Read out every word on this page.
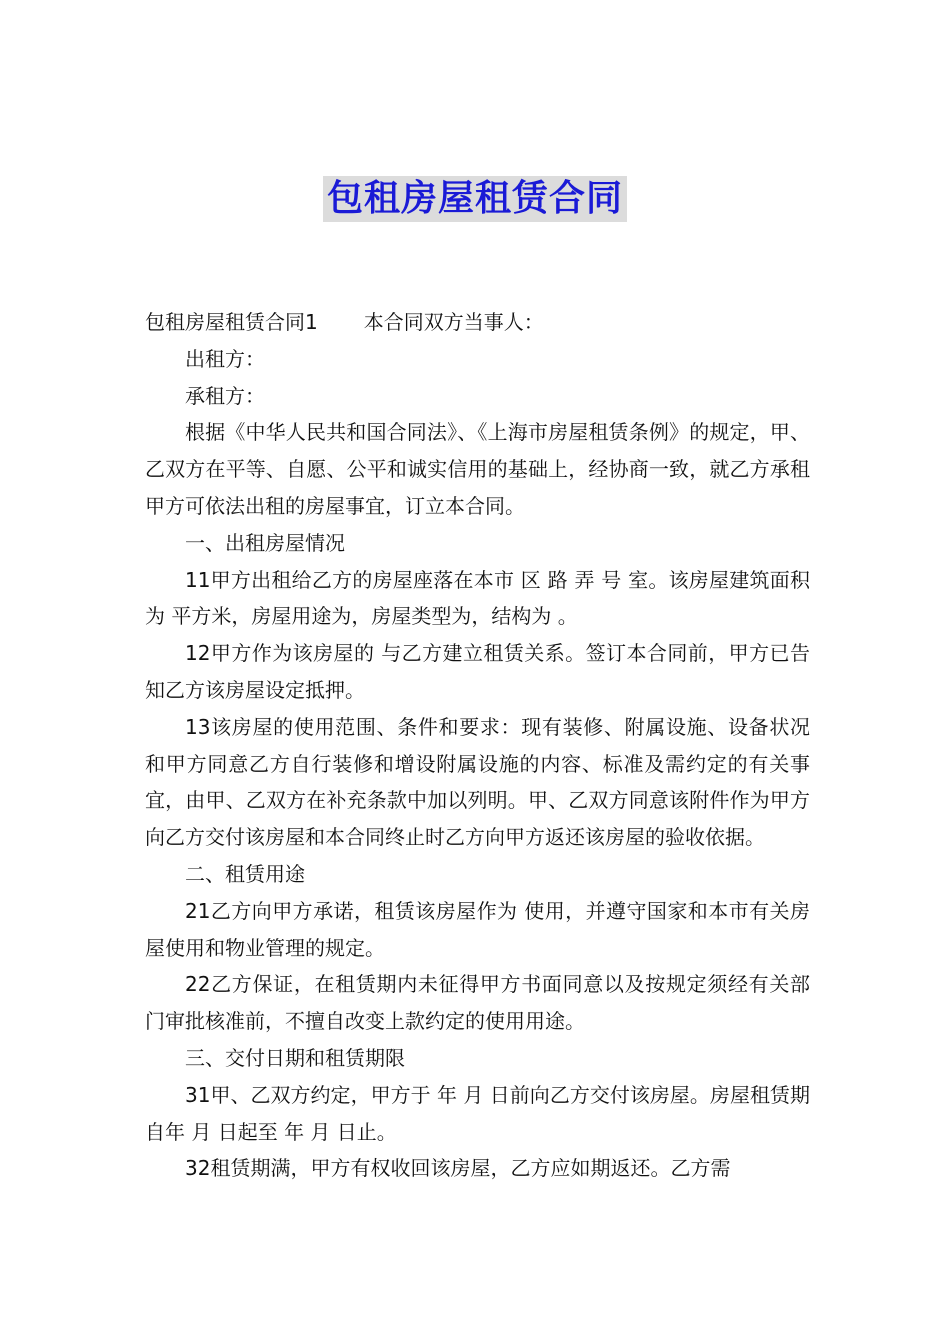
包租房屋租赁合同

包租房屋租赁合同1 本合同双方当事人：

出租方：

承租方：

根据《中华人民共和国合同法》、《上海市房屋租赁条例》的规定，甲、乙双方在平等、自愿、公平和诚实信用的基础上，经协商一致，就乙方承租甲方可依法出租的房屋事宜，订立本合同。

一、出租房屋情况

11甲方出租给乙方的房屋座落在本市 区 路 弄 号 室。该房屋建筑面积为 平方米，房屋用途为，房屋类型为，结构为 。

12甲方作为该房屋的 与乙方建立租赁关系。签订本合同前，甲方已告知乙方该房屋设定抵押。

13该房屋的使用范围、条件和要求：现有装修、附属设施、设备状况和甲方同意乙方自行装修和增设附属设施的内容、标准及需约定的有关事宜，由甲、乙双方在补充条款中加以列明。甲、乙双方同意该附件作为甲方向乙方交付该房屋和本合同终止时乙方向甲方返还该房屋的验收依据。

二、租赁用途

21乙方向甲方承诺，租赁该房屋作为 使用，并遵守国家和本市有关房屋使用和物业管理的规定。

22乙方保证，在租赁期内未征得甲方书面同意以及按规定须经有关部门审批核准前，不擅自改变上款约定的使用用途。

三、交付日期和租赁期限

31甲、乙双方约定，甲方于 年 月 日前向乙方交付该房屋。房屋租赁期自年 月 日起至 年 月 日止。

32租赁期满，甲方有权收回该房屋，乙方应如期返还。乙方需
